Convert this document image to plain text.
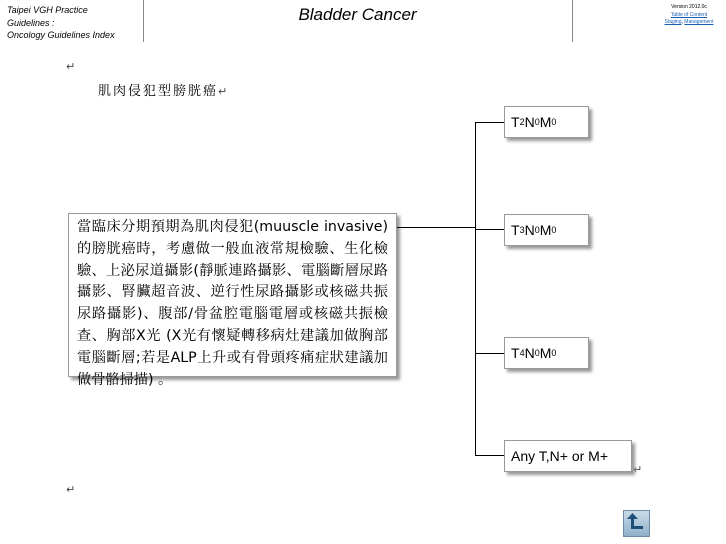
Taipei VGH Practice
Guidelines :
Oncology Guidelines Index
Bladder Cancer	Version 2012.0c
Table of Content
Staging, Management
↵
↵
↵
肌肉侵犯型膀胱癌↵
當臨床分期預期為肌肉侵犯(muuscle invasive)的膀胱癌時，考慮做一般血液常規檢驗、生化檢驗、上泌尿道攝影(靜脈連路攝影、電腦斷層尿路攝影、腎臟超音波、逆行性尿路攝影或核磁共振尿路攝影)、腹部/骨盆腔電腦電層或核磁共振檢查、胸部X光 (X光有懷疑轉移病灶建議加做胸部電腦斷層;若是ALP上升或有骨頭疼痛症狀建議加做骨骼掃描) 。
T 2 N 0 M 0
T 3 N 0 M 0
T 4 N 0 M 0
Any T,N+ or M+
